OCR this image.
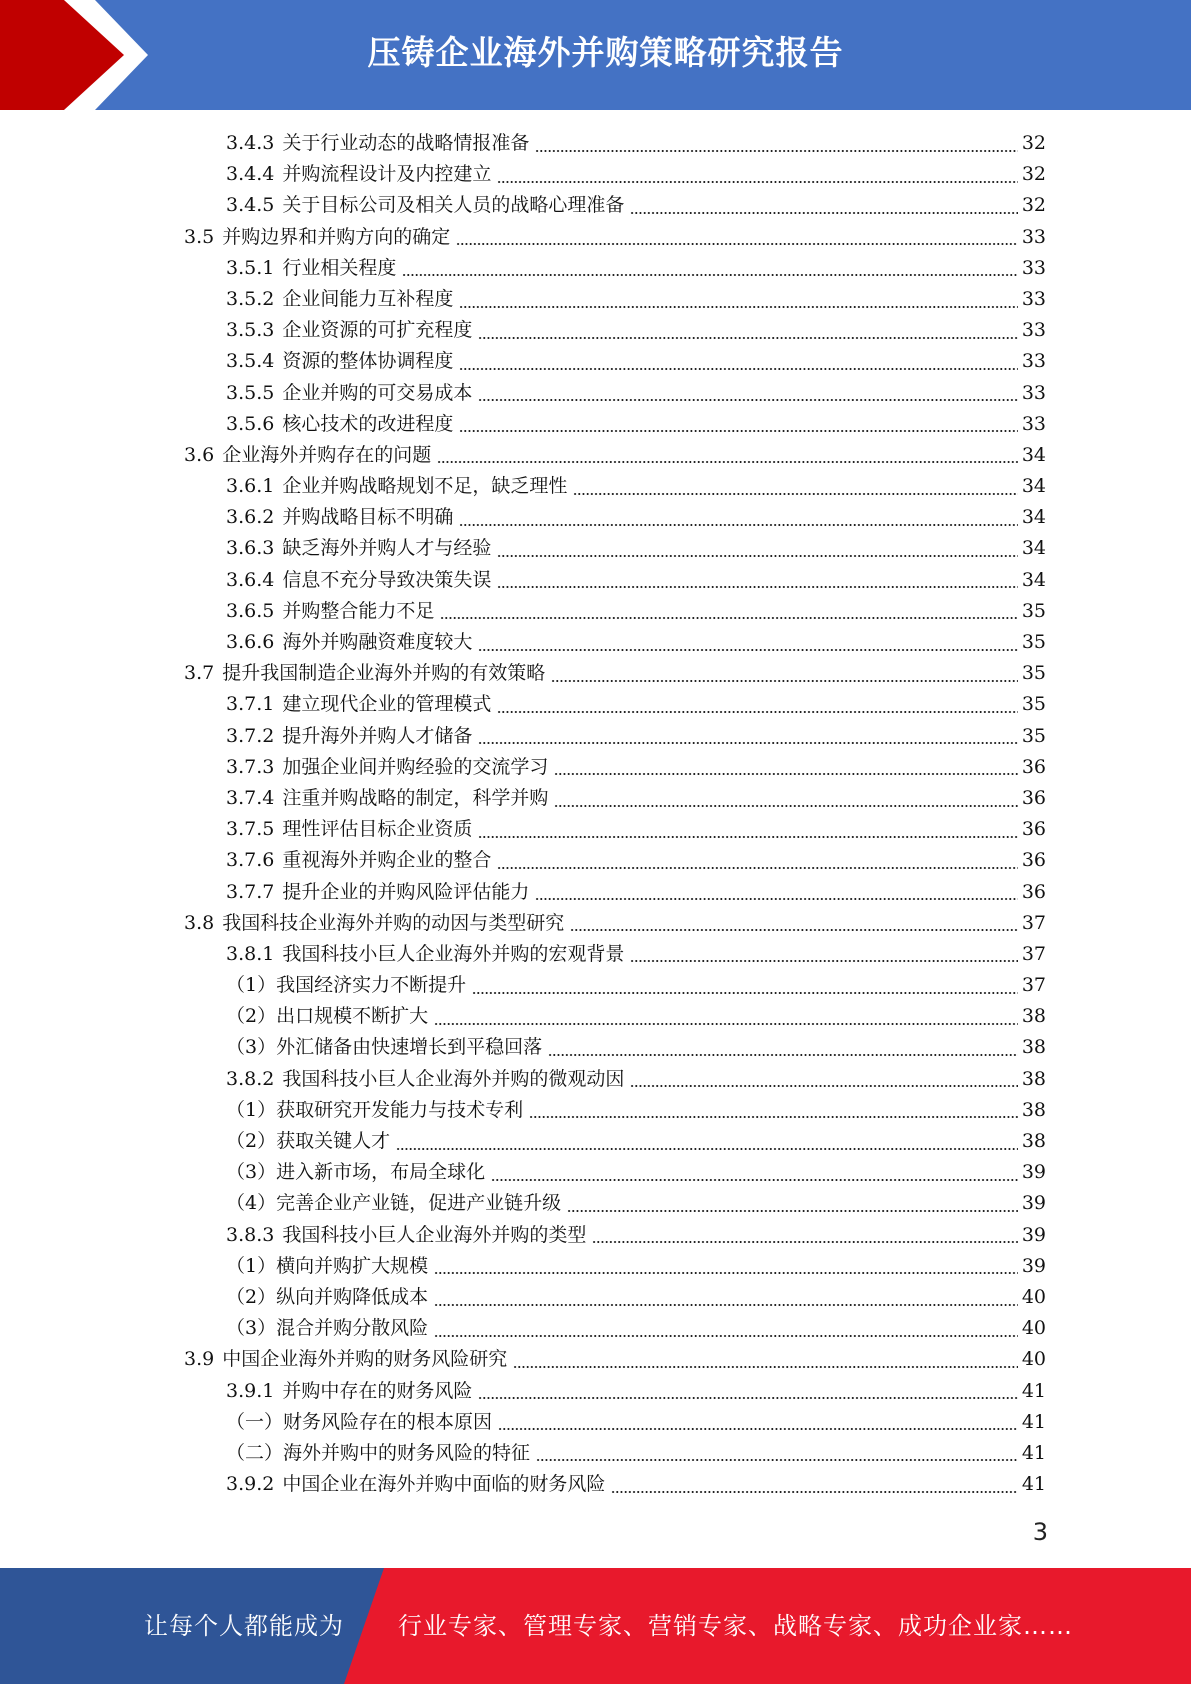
压铸企业海外并购策略研究报告
3.4.3 关于行业动态的战略情报准备	32
3.4.4 并购流程设计及内控建立	32
3.4.5 关于目标公司及相关人员的战略心理准备	32
3.5 并购边界和并购方向的确定	33
3.5.1 行业相关程度	33
3.5.2 企业间能力互补程度	33
3.5.3 企业资源的可扩充程度	33
3.5.4 资源的整体协调程度	33
3.5.5 企业并购的可交易成本	33
3.5.6 核心技术的改进程度	33
3.6 企业海外并购存在的问题	34
3.6.1 企业并购战略规划不足，缺乏理性	34
3.6.2 并购战略目标不明确	34
3.6.3 缺乏海外并购人才与经验	34
3.6.4 信息不充分导致决策失误	34
3.6.5 并购整合能力不足	35
3.6.6 海外并购融资难度较大	35
3.7 提升我国制造企业海外并购的有效策略	35
3.7.1 建立现代企业的管理模式	35
3.7.2 提升海外并购人才储备	35
3.7.3 加强企业间并购经验的交流学习	36
3.7.4 注重并购战略的制定，科学并购	36
3.7.5 理性评估目标企业资质	36
3.7.6 重视海外并购企业的整合	36
3.7.7 提升企业的并购风险评估能力	36
3.8 我国科技企业海外并购的动因与类型研究	37
3.8.1 我国科技小巨人企业海外并购的宏观背景	37
（1）我国经济实力不断提升	37
（2）出口规模不断扩大	38
（3）外汇储备由快速增长到平稳回落	38
3.8.2 我国科技小巨人企业海外并购的微观动因	38
（1）获取研究开发能力与技术专利	38
（2）获取关键人才	38
（3）进入新市场，布局全球化	39
（4）完善企业产业链，促进产业链升级	39
3.8.3 我国科技小巨人企业海外并购的类型	39
（1）横向并购扩大规模	39
（2）纵向并购降低成本	40
（3）混合并购分散风险	40
3.9 中国企业海外并购的财务风险研究	40
3.9.1 并购中存在的财务风险	41
（一）财务风险存在的根本原因	41
（二）海外并购中的财务风险的特征	41
3.9.2 中国企业在海外并购中面临的财务风险	41
3
让每个人都能成为 行业专家、管理专家、营销专家、战略专家、成功企业家……
